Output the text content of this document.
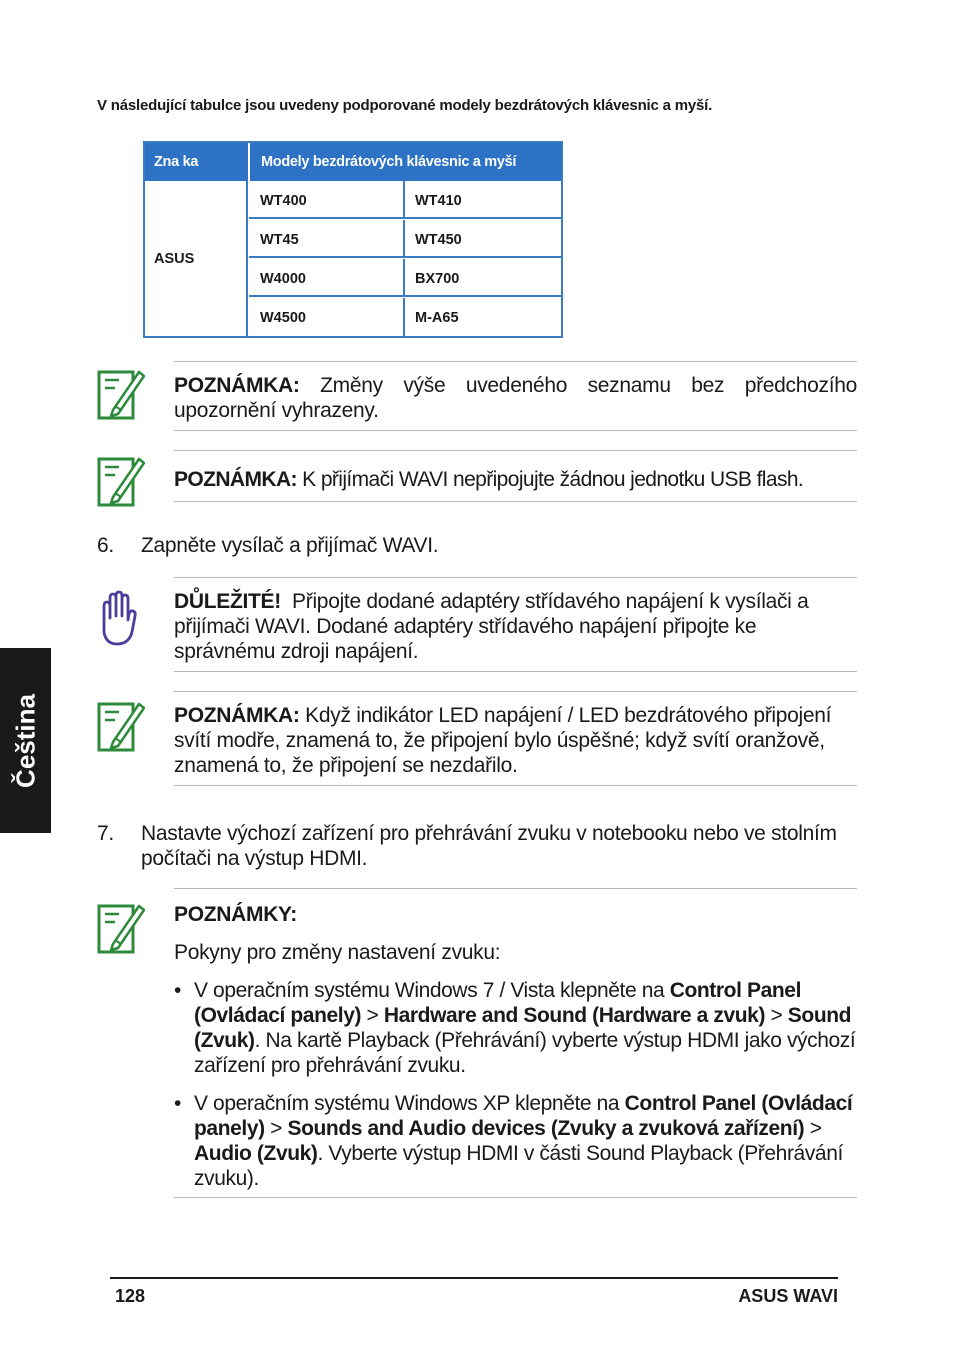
V následující tabulce jsou uvedeny podporované modely bezdrátových klávesnic a myší.
Zna ka	Modely bezdrátových klávesnic a myší
ASUS
WT400	WT410
WT45	WT450
W4000	BX700
W4500	M-A65
POZNÁMKA: Změny výše uvedeného seznamu bez předchozího upozornění vyhrazeny.
POZNÁMKA: K přijímači WAVI nepřipojujte žádnou jednotku USB flash.
6. Zapněte vysílač a přijímač WAVI.
DŮLEŽITÉ! Připojte dodané adaptéry střídavého napájení k vysílači a přijímači WAVI. Dodané adaptéry střídavého napájení připojte ke správnému zdroji napájení.
POZNÁMKA: Když indikátor LED napájení / LED bezdrátového připojení svítí modře, znamená to, že připojení bylo úspěšné; když svítí oranžově, znamená to, že připojení se nezdařilo.
7. Nastavte výchozí zařízení pro přehrávání zvuku v notebooku nebo ve stolním počítači na výstup HDMI.
POZNÁMKY:
Pokyny pro změny nastavení zvuku:
• V operačním systému Windows 7 / Vista klepněte na Control Panel (Ovládací panely) > Hardware and Sound (Hardware a zvuk) > Sound (Zvuk). Na kartě Playback (Přehrávání) vyberte výstup HDMI jako výchozí zařízení pro přehrávání zvuku.
• V operačním systému Windows XP klepněte na Control Panel (Ovládací panely) > Sounds and Audio devices (Zvuky a zvuková zařízení) > Audio (Zvuk). Vyberte výstup HDMI v části Sound Playback (Přehrávání zvuku).
Čeština
128	ASUS WAVI
